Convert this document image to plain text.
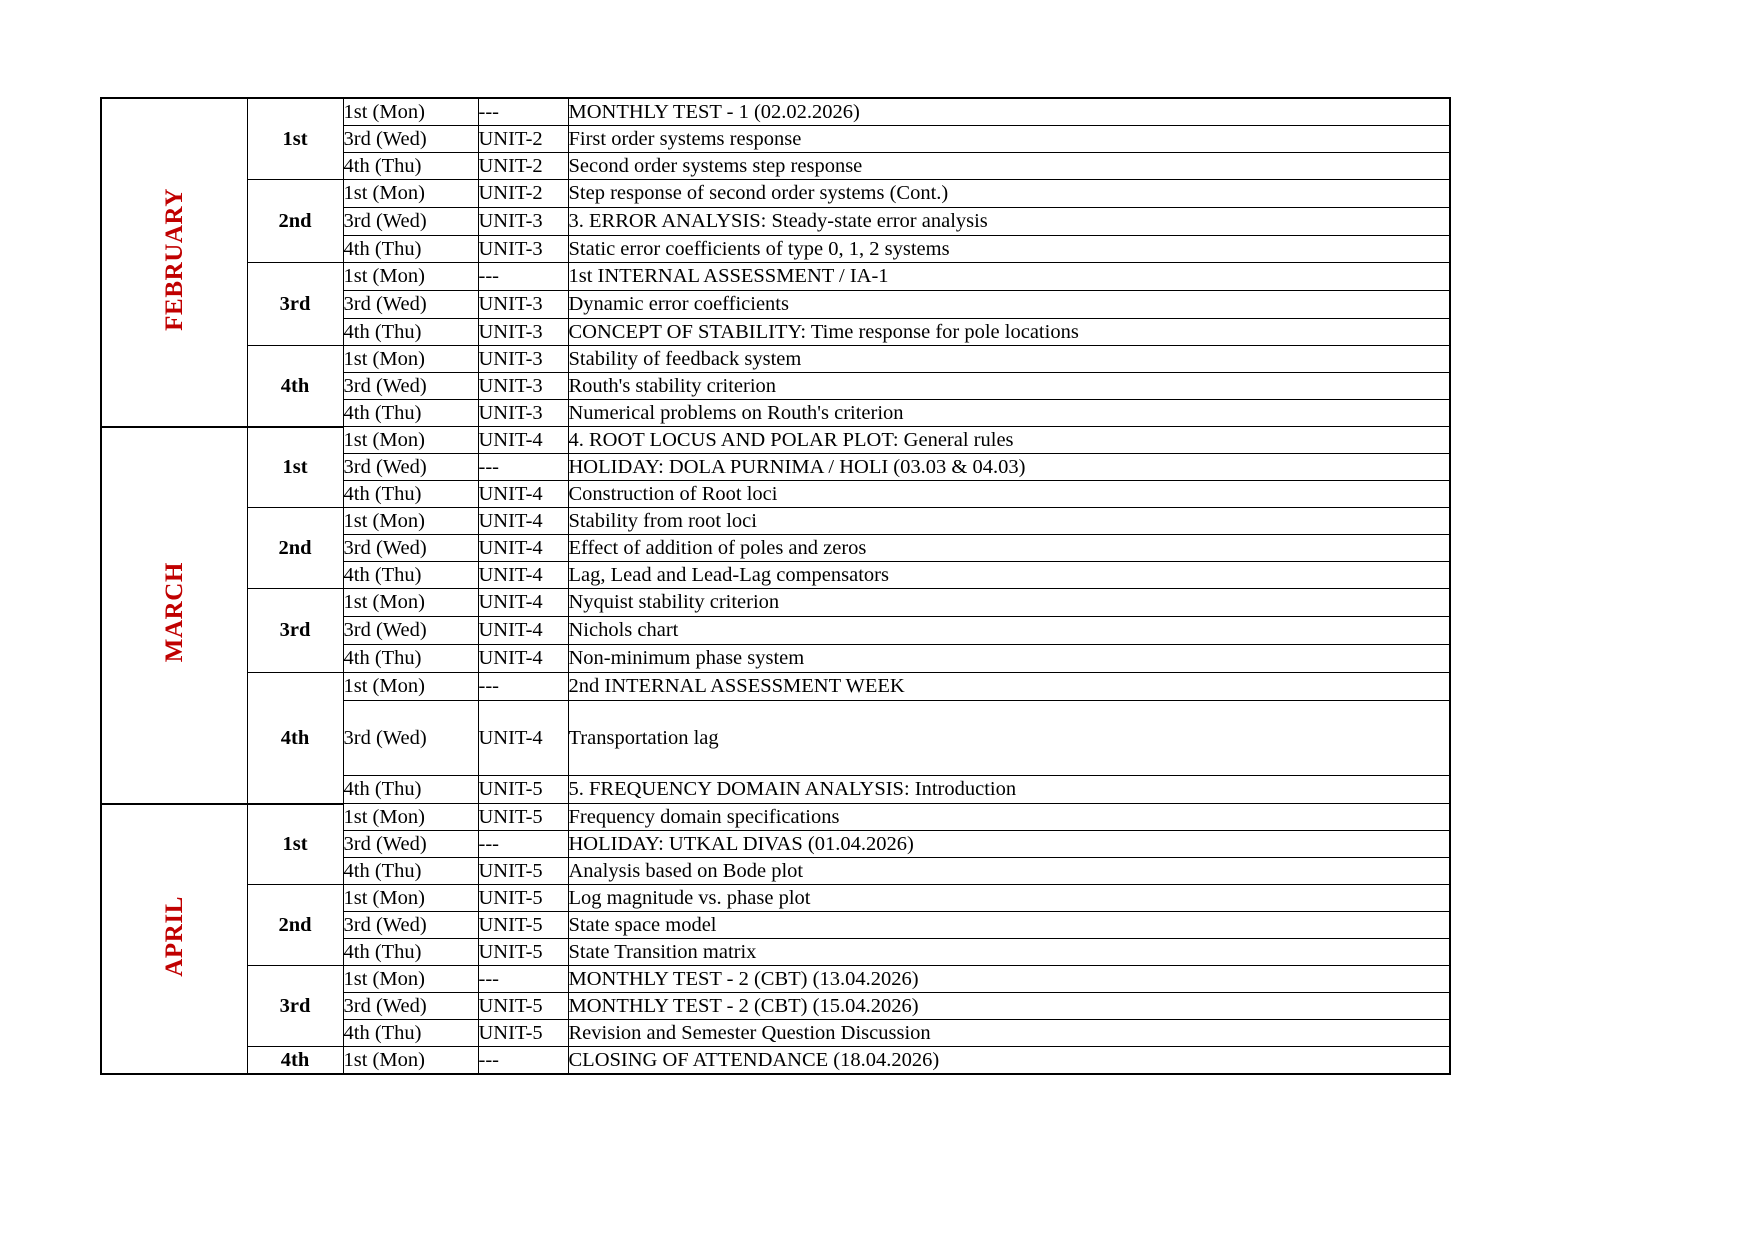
FEBRUARY	1st	1st (Mon)	---	MONTHLY TEST - 1 (02.02.2026)
		3rd (Wed)	UNIT-2	First order systems response
		4th (Thu)	UNIT-2	Second order systems step response
	2nd	1st (Mon)	UNIT-2	Step response of second order systems (Cont.)
		3rd (Wed)	UNIT-3	3. ERROR ANALYSIS: Steady-state error analysis
		4th (Thu)	UNIT-3	Static error coefficients of type 0, 1, 2 systems
	3rd	1st (Mon)	---	1st INTERNAL ASSESSMENT / IA-1
		3rd (Wed)	UNIT-3	Dynamic error coefficients
		4th (Thu)	UNIT-3	CONCEPT OF STABILITY: Time response for pole locations
	4th	1st (Mon)	UNIT-3	Stability of feedback system
		3rd (Wed)	UNIT-3	Routh's stability criterion
		4th (Thu)	UNIT-3	Numerical problems on Routh's criterion
MARCH	1st	1st (Mon)	UNIT-4	4. ROOT LOCUS AND POLAR PLOT: General rules
		3rd (Wed)	---	HOLIDAY: DOLA PURNIMA / HOLI (03.03 & 04.03)
		4th (Thu)	UNIT-4	Construction of Root loci
	2nd	1st (Mon)	UNIT-4	Stability from root loci
		3rd (Wed)	UNIT-4	Effect of addition of poles and zeros
		4th (Thu)	UNIT-4	Lag, Lead and Lead-Lag compensators
	3rd	1st (Mon)	UNIT-4	Nyquist stability criterion
		3rd (Wed)	UNIT-4	Nichols chart
		4th (Thu)	UNIT-4	Non-minimum phase system
	4th	1st (Mon)	---	2nd INTERNAL ASSESSMENT WEEK
		3rd (Wed)	UNIT-4	Transportation lag
		4th (Thu)	UNIT-5	5. FREQUENCY DOMAIN ANALYSIS: Introduction
APRIL	1st	1st (Mon)	UNIT-5	Frequency domain specifications
		3rd (Wed)	---	HOLIDAY: UTKAL DIVAS (01.04.2026)
		4th (Thu)	UNIT-5	Analysis based on Bode plot
	2nd	1st (Mon)	UNIT-5	Log magnitude vs. phase plot
		3rd (Wed)	UNIT-5	State space model
		4th (Thu)	UNIT-5	State Transition matrix
	3rd	1st (Mon)	---	MONTHLY TEST - 2 (CBT) (13.04.2026)
		3rd (Wed)	UNIT-5	MONTHLY TEST - 2 (CBT) (15.04.2026)
		4th (Thu)	UNIT-5	Revision and Semester Question Discussion
	4th	1st (Mon)	---	CLOSING OF ATTENDANCE (18.04.2026)
